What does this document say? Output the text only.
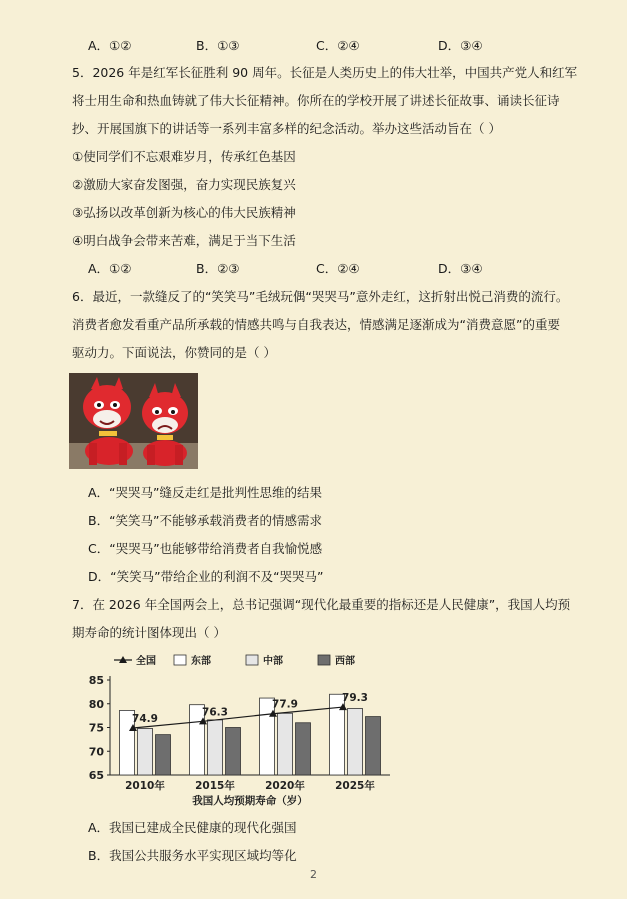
A．①②	B．①③	C．②④	D．③④
5．2026 年是红军长征胜利 90 周年。长征是人类历史上的伟大壮举，中国共产党人和红军
将士用生命和热血铸就了伟大长征精神。你所在的学校开展了讲述长征故事、诵读长征诗
抄、开展国旗下的讲话等一系列丰富多样的纪念活动。举办这些活动旨在（ ）
①使同学们不忘艰难岁月，传承红色基因
②激励大家奋发图强，奋力实现民族复兴
③弘扬以改革创新为核心的伟大民族精神
④明白战争会带来苦难，满足于当下生活
A．①②	B．②③	C．②④	D．③④
6．最近，一款缝反了的“笑笑马”毛绒玩偶“哭哭马”意外走红，这折射出悦己消费的流行。
消费者愈发看重产品所承载的情感共鸣与自我表达，情感满足逐渐成为“消费意愿”的重要
驱动力。下面说法，你赞同的是（ ）
A．“哭哭马”缝反走红是批判性思维的结果
B．“笑笑马”不能够承载消费者的情感需求
C．“哭哭马”也能够带给消费者自我愉悦感
D．“笑笑马”带给企业的利润不及“哭哭马”
7．在 2026 年全国两会上，总书记强调“现代化最重要的指标还是人民健康”，我国人均预
期寿命的统计图体现出（ ）
65
70
75
80
85
2010年	2015年	2020年	2025年
74.9
76.3
77.9
79.3
全国	东部	中部	西部
我国人均预期寿命（岁）
A．我国已建成全民健康的现代化强国
B．我国公共服务水平实现区域均等化
2
